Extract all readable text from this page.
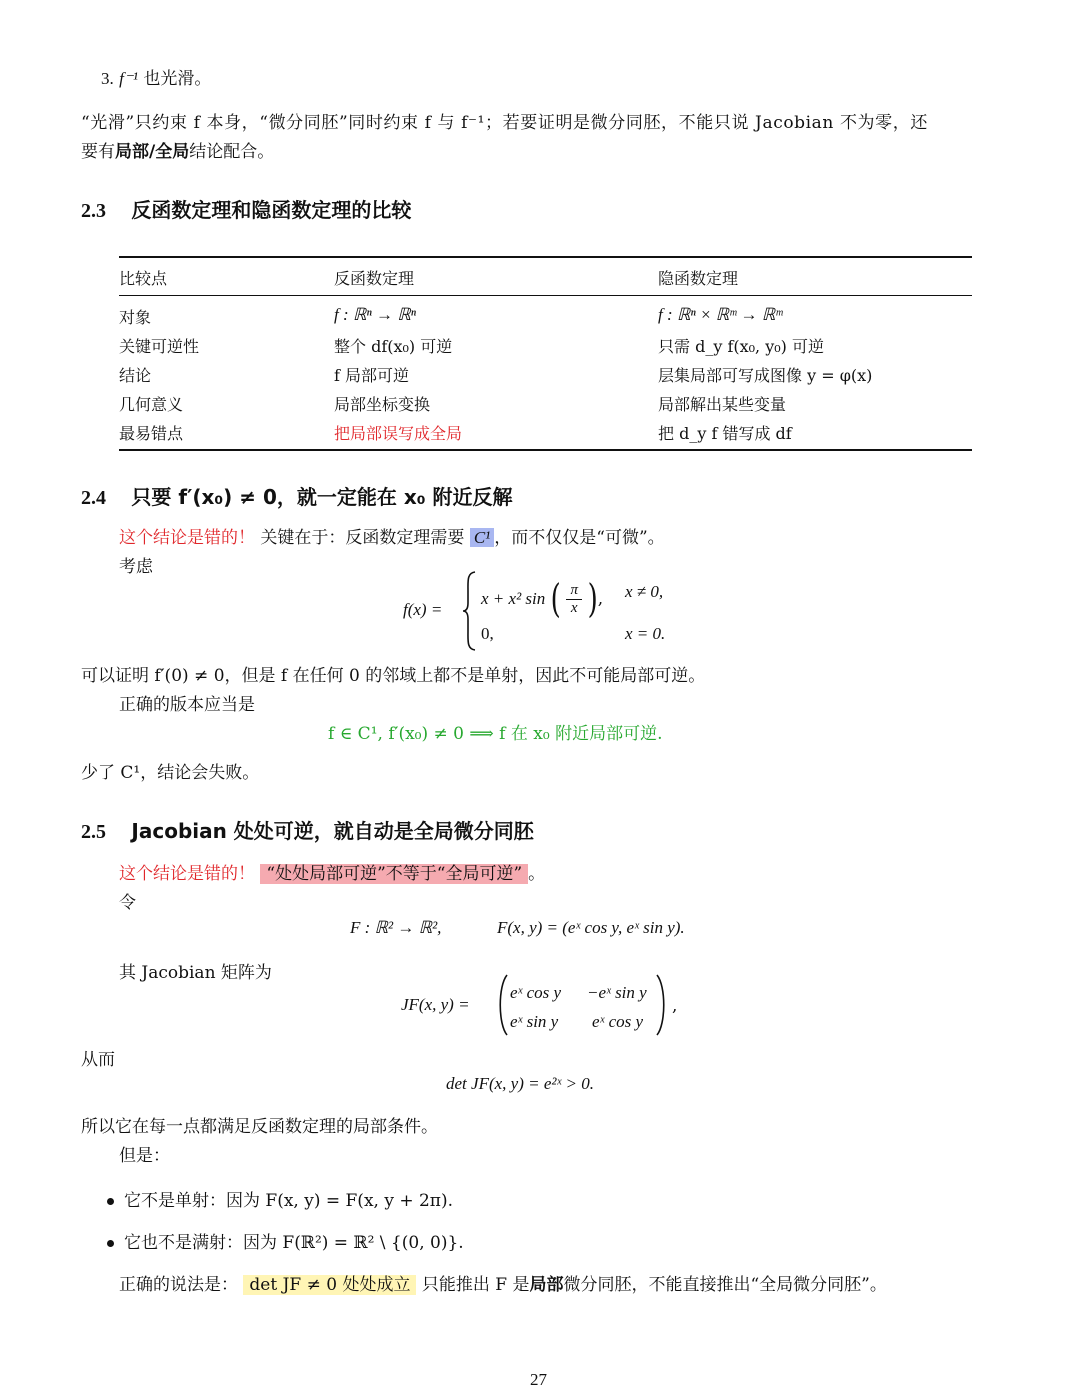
3. f⁻¹ 也光滑。
“光滑”只约束 f 本身，“微分同胚”同时约束 f 与 f⁻¹；若要证明是微分同胚，不能只说 Jacobian 不为零，还
要有局部/全局结论配合。
2.3 反函数定理和隐函数定理的比较
比较点	反函数定理	隐函数定理
对象	f : ℝⁿ → ℝⁿ	f : ℝⁿ × ℝᵐ → ℝᵐ
关键可逆性	整个 df(x₀) 可逆	只需 d_y f(x₀, y₀) 可逆
结论	f 局部可逆	层集局部可写成图像 y = φ(x)
几何意义	局部坐标变换	局部解出某些变量
最易错点	把局部误写成全局	把 d_y f 错写成 df
2.4 只要 f′(x₀) ≠ 0，就一定能在 x₀ 附近反解
这个结论是错的！ 关键在于：反函数定理需要 C¹ ，而不仅仅是“可微”。
考虑
f(x) =
x + x² sin ( $\frac{\pi}{x}$ ), x ≠ 0,
0,	x = 0.
可以证明 f′(0) ≠ 0，但是 f 在任何 0 的邻域上都不是单射，因此不可能局部可逆。
正确的版本应当是
f ∈ C¹, f′(x₀) ≠ 0 ⟹ f 在 x₀ 附近局部可逆.
少了 C¹，结论会失败。
2.5 Jacobian 处处可逆，就自动是全局微分同胚
这个结论是错的！ “处处局部可逆”不等于“全局可逆” 。
令
F : ℝ² → ℝ²,	F(x, y) = (eˣ cos y, eˣ sin y).
其 Jacobian 矩阵为
JF(x, y) =
eˣ cos y −eˣ sin y
eˣ sin y eˣ cos y
,
从而
det JF(x, y) = e²ˣ > 0.
所以它在每一点都满足反函数定理的局部条件。
但是：
它不是单射：因为 F(x, y) = F(x, y + 2π).
它也不是满射：因为 F(ℝ²) = ℝ² \ {(0, 0)}.
正确的说法是： det JF ≠ 0 处处成立 只能推出 F 是局部微分同胚，不能直接推出“全局微分同胚”。
27
